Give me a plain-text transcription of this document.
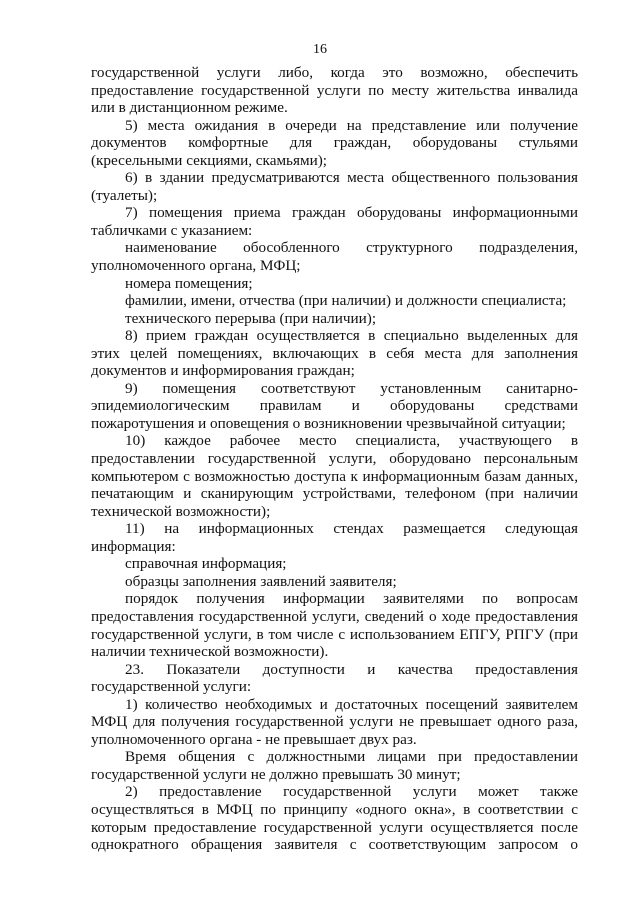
16

государственной услуги либо, когда это возможно, обеспечить предоставление государственной услуги по месту жительства инвалида или в дистанционном режиме.

5) места ожидания в очереди на представление или получение документов комфортные для граждан, оборудованы стульями (кресельными секциями, скамьями);

6) в здании предусматриваются места общественного пользования (туалеты);

7) помещения приема граждан оборудованы информационными табличками с указанием:

наименование обособленного структурного подразделения, уполномоченного органа, МФЦ;

номера помещения;

фамилии, имени, отчества (при наличии) и должности специалиста;

технического перерыва (при наличии);

8) прием граждан осуществляется в специально выделенных для этих целей помещениях, включающих в себя места для заполнения документов и информирования граждан;

9) помещения соответствуют установленным санитарно-эпидемиологическим правилам и оборудованы средствами пожаротушения и оповещения о возникновении чрезвычайной ситуации;

10) каждое рабочее место специалиста, участвующего в предоставлении государственной услуги, оборудовано персональным компьютером с возможностью доступа к информационным базам данных, печатающим и сканирующим устройствами, телефоном (при наличии технической возможности);

11) на информационных стендах размещается следующая информация:

справочная информация;

образцы заполнения заявлений заявителя;

порядок получения информации заявителями по вопросам предоставления государственной услуги, сведений о ходе предоставления государственной услуги, в том числе с использованием ЕПГУ, РПГУ (при наличии технической возможности).

23. Показатели доступности и качества предоставления государственной услуги:

1) количество необходимых и достаточных посещений заявителем МФЦ для получения государственной услуги не превышает одного раза, уполномоченного органа - не превышает двух раз.

Время общения с должностными лицами при предоставлении государственной услуги не должно превышать 30 минут;

2) предоставление государственной услуги может также осуществляться в МФЦ по принципу «одного окна», в соответствии с которым предоставление государственной услуги осуществляется после однократного обращения заявителя с соответствующим запросом о
